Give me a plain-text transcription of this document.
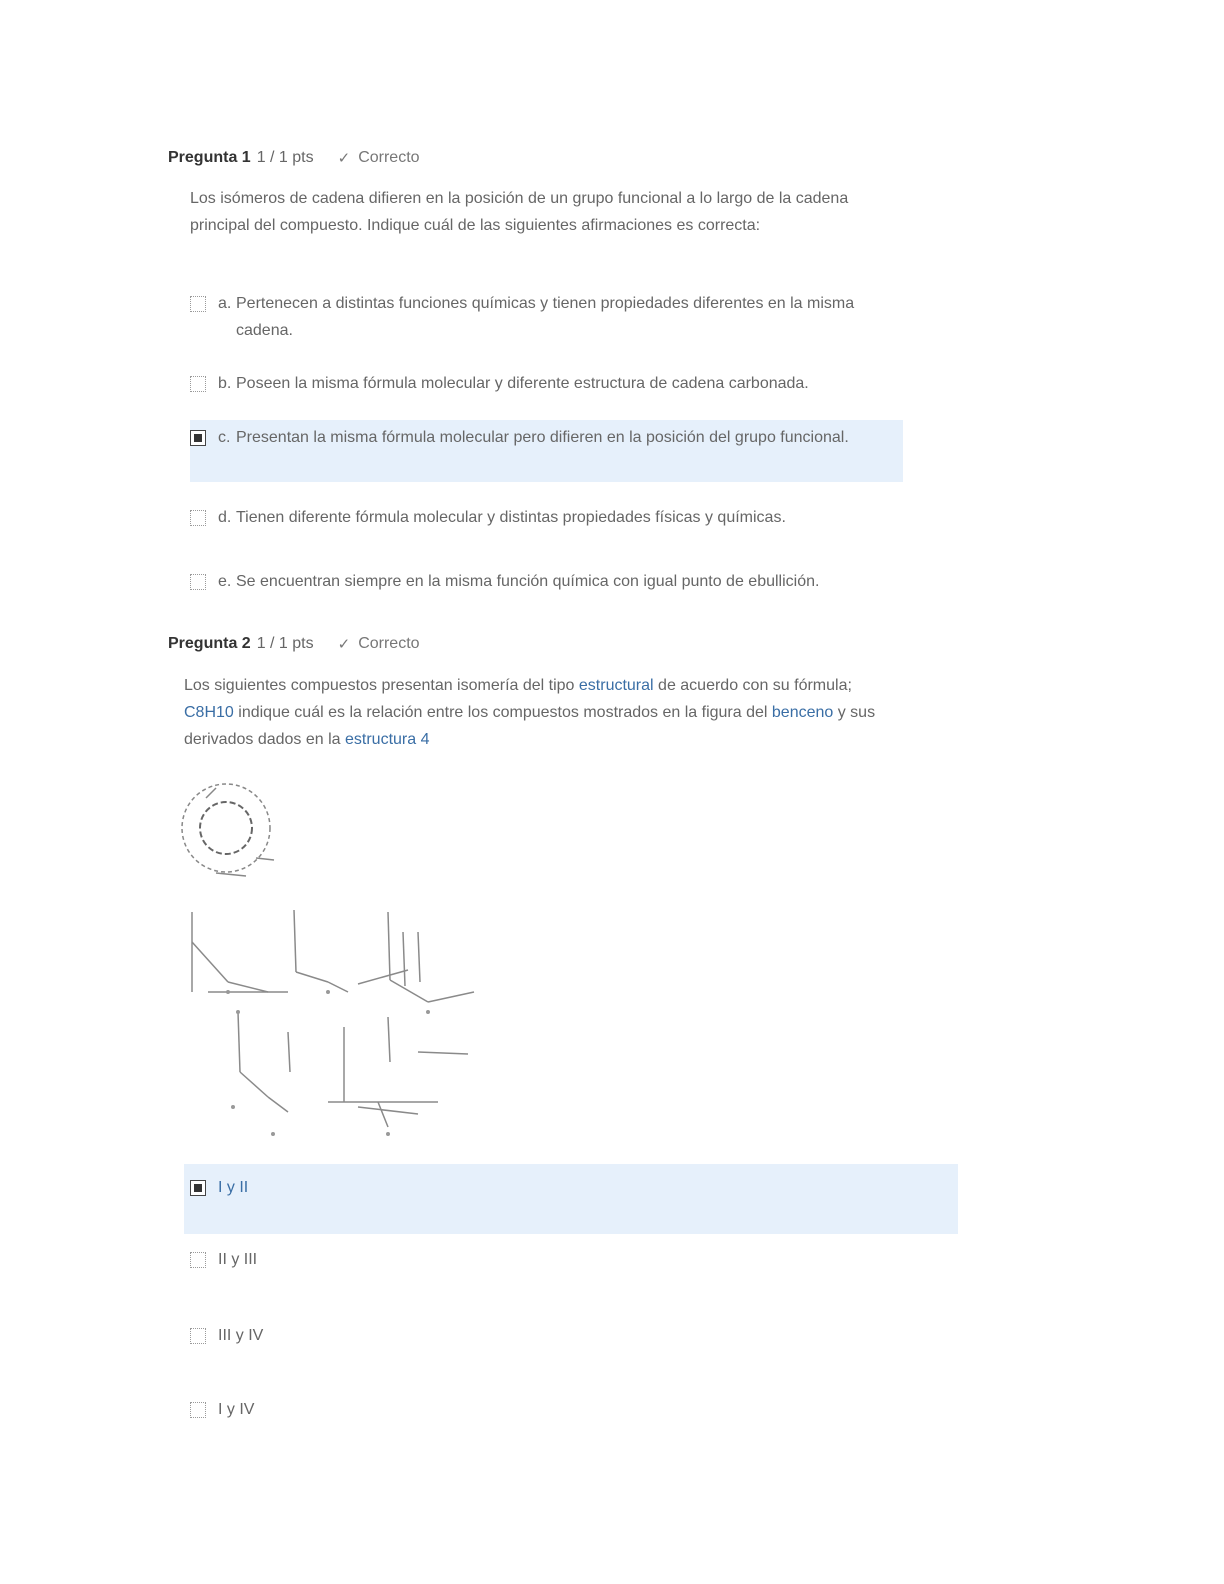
Pregunta 1 1 / 1 pts ✓ Correcto
Los isómeros de cadena difieren en la posición de un grupo funcional a lo largo de la cadena principal del compuesto. Indique cuál de las siguientes afirmaciones es correcta:
a. Pertenecen a distintas funciones químicas y tienen propiedades diferentes en la misma cadena.
b. Poseen la misma fórmula molecular y diferente estructura de cadena carbonada.
c. Presentan la misma fórmula molecular pero difieren en la posición del grupo funcional.
d. Tienen diferente fórmula molecular y distintas propiedades físicas y químicas.
e. Se encuentran siempre en la misma función química con igual punto de ebullición.
Pregunta 2 1 / 1 pts ✓ Correcto
Los siguientes compuestos presentan isomería del tipo estructural de acuerdo con su fórmula; C8H10 indique cuál es la relación entre los compuestos mostrados en la figura del benceno y sus derivados dados en la estructura 4
I y II
II y III
III y IV
I y IV
